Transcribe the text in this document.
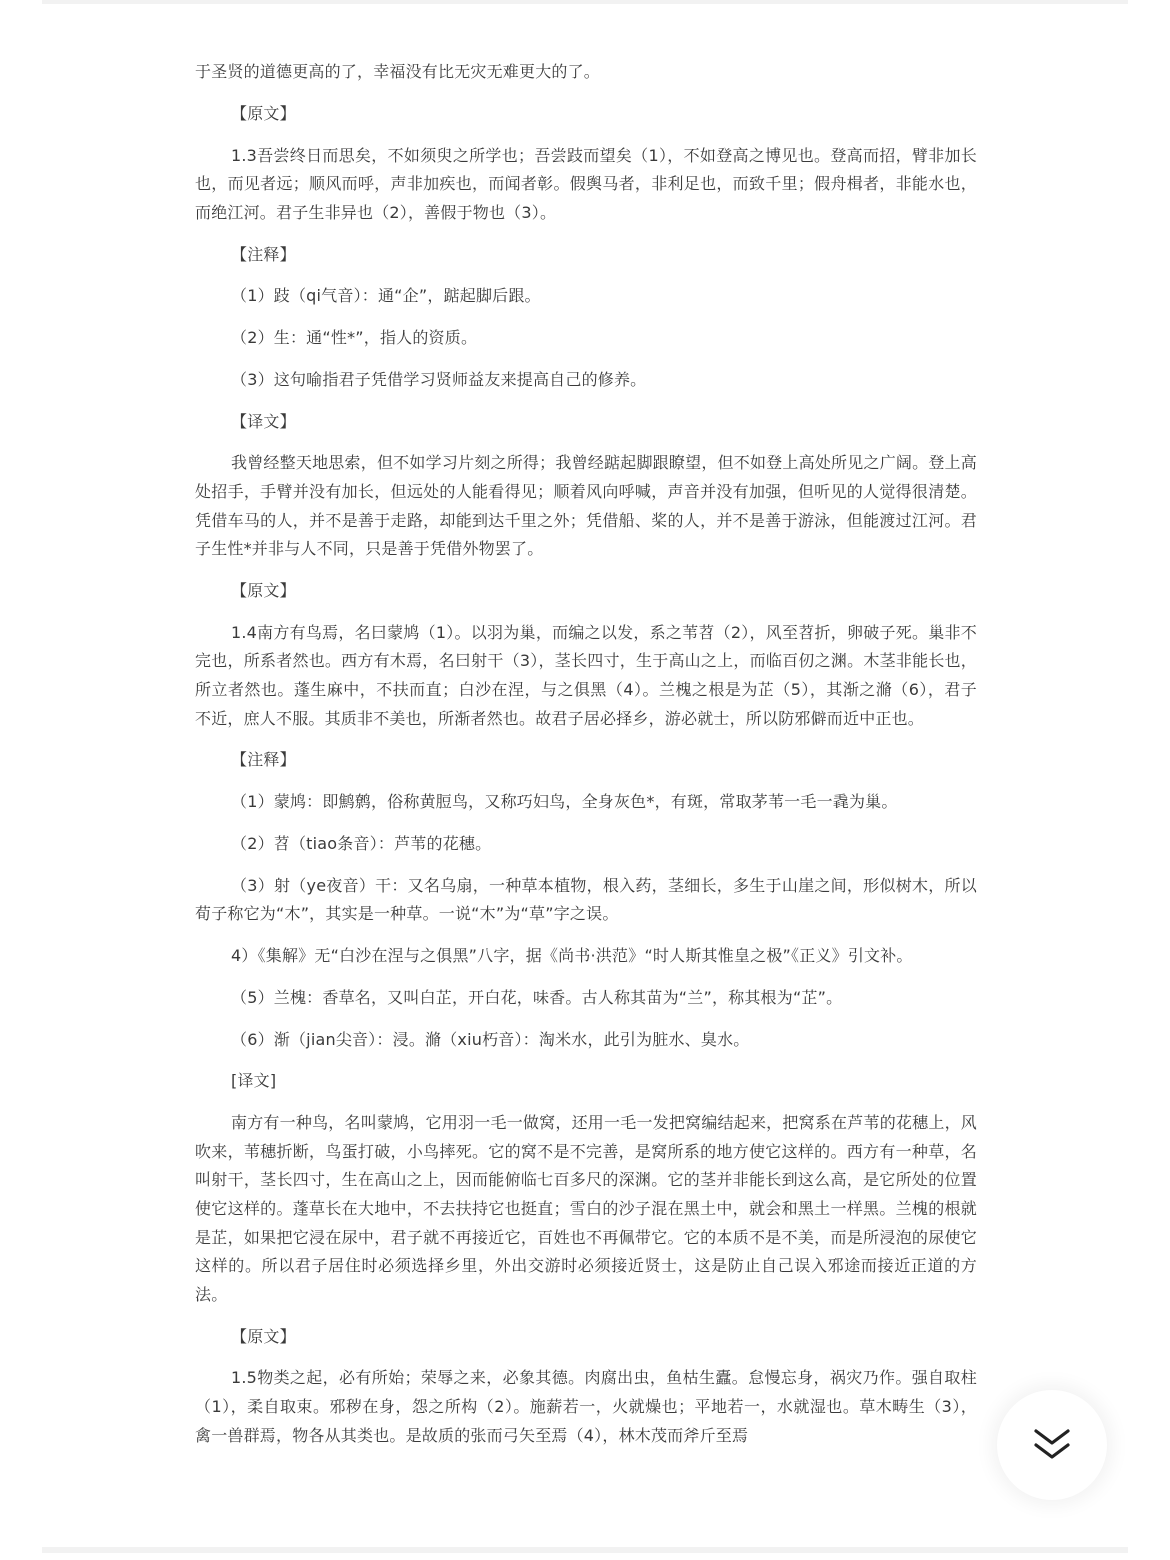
于圣贤的道德更高的了，幸福没有比无灾无难更大的了。

【原文】

1.3吾尝终日而思矣，不如须臾之所学也；吾尝跂而望矣（1），不如登高之博见也。登高而招，臂非加长也，而见者远；顺风而呼，声非加疾也，而闻者彰。假舆马者，非利足也，而致千里；假舟楫者，非能水也，而绝江河。君子生非异也（2），善假于物也（3）。

【注释】

（1）跂（qi气音）：通“企”，踮起脚后跟。

（2）生：通“性*”，指人的资质。

（3）这句喻指君子凭借学习贤师益友来提高自己的修养。

【译文】

我曾经整天地思索，但不如学习片刻之所得；我曾经踮起脚跟瞭望，但不如登上高处所见之广阔。登上高处招手，手臂并没有加长，但远处的人能看得见；顺着风向呼喊，声音并没有加强，但听见的人觉得很清楚。凭借车马的人，并不是善于走路，却能到达千里之外；凭借船、桨的人，并不是善于游泳，但能渡过江河。君子生性*并非与人不同，只是善于凭借外物罢了。

【原文】

1.4南方有鸟焉，名曰蒙鸠（1）。以羽为巢，而编之以发，系之苇苕（2），风至苕折，卵破子死。巢非不完也，所系者然也。西方有木焉，名曰射干（3），茎长四寸，生于高山之上，而临百仞之渊。木茎非能长也，所立者然也。蓬生麻中，不扶而直；白沙在涅，与之俱黑（4）。兰槐之根是为芷（5），其渐之滫（6），君子不近，庶人不服。其质非不美也，所渐者然也。故君子居必择乡，游必就士，所以防邪僻而近中正也。

【注释】

（1）蒙鸠：即鹪鹩，俗称黄脰鸟，又称巧妇鸟，全身灰色*，有斑，常取茅苇一毛一毳为巢。

（2）苕（tiao条音）：芦苇的花穗。

（3）射（ye夜音）干：又名乌扇，一种草本植物，根入药，茎细长，多生于山崖之间，形似树木，所以荀子称它为“木”，其实是一种草。一说“木”为“草”字之误。

4）《集解》无“白沙在涅与之俱黑”八字，据《尚书·洪范》“时人斯其惟皇之极”《正义》引文补。

（5）兰槐：香草名，又叫白芷，开白花，味香。古人称其苗为“兰”，称其根为“芷”。

（6）渐（jian尖音）：浸。滫（xiu朽音）：淘米水，此引为脏水、臭水。

[译文]

南方有一种鸟，名叫蒙鸠，它用羽一毛一做窝，还用一毛一发把窝编结起来，把窝系在芦苇的花穗上，风吹来，苇穗折断，鸟蛋打破，小鸟摔死。它的窝不是不完善，是窝所系的地方使它这样的。西方有一种草，名叫射干，茎长四寸，生在高山之上，因而能俯临七百多尺的深渊。它的茎并非能长到这么高，是它所处的位置使它这样的。蓬草长在大地中，不去扶持它也挺直；雪白的沙子混在黑土中，就会和黑土一样黑。兰槐的根就是芷，如果把它浸在尿中，君子就不再接近它，百姓也不再佩带它。它的本质不是不美，而是所浸泡的尿使它这样的。所以君子居住时必须选择乡里，外出交游时必须接近贤士，这是防止自己误入邪途而接近正道的方法。

【原文】

1.5物类之起，必有所始；荣辱之来，必象其德。肉腐出虫，鱼枯生蠹。怠慢忘身，祸灾乃作。强自取柱（1），柔自取束。邪秽在身，怨之所构（2）。施薪若一，火就燥也；平地若一，水就湿也。草木畴生（3），禽一兽群焉，物各从其类也。是故质的张而弓矢至焉（4），林木茂而斧斤至焉
